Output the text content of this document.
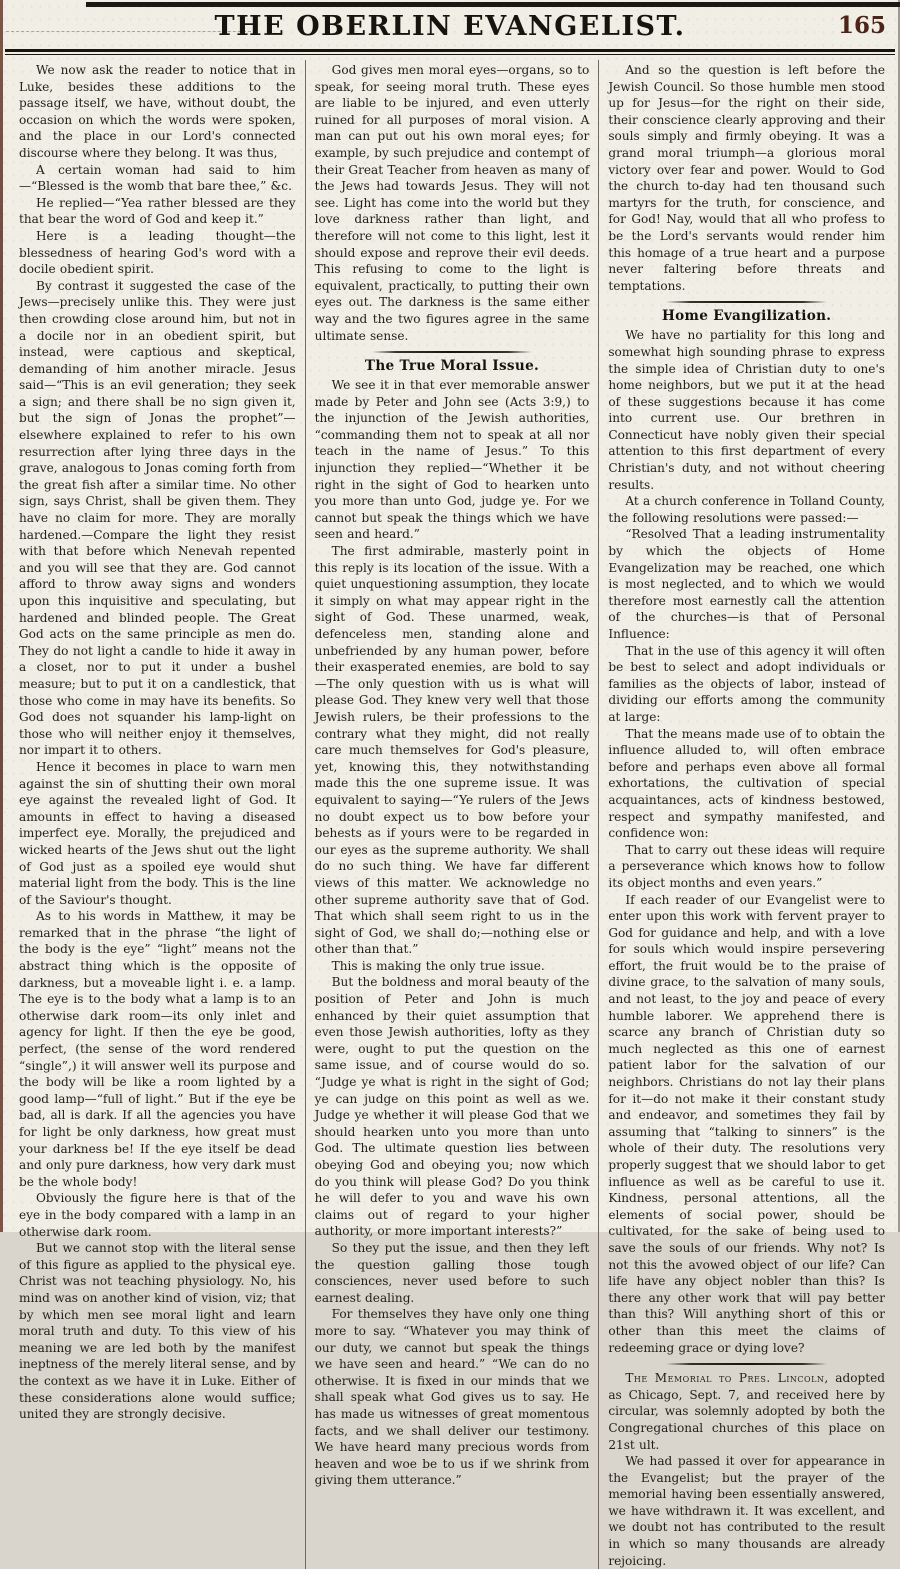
THE OBERLIN EVANGELIST.	165

We now ask the reader to notice that in Luke, besides these additions to the passage itself, we have, without doubt, the occasion on which the words were spoken, and the place in our Lord's connected discourse where they belong. It was thus,

A certain woman had said to him—“Blessed is the womb that bare thee,” &c.

He replied—“Yea rather blessed are they that bear the word of God and keep it.”

Here is a leading thought—the blessedness of hearing God's word with a docile obedient spirit.

By contrast it suggested the case of the Jews—precisely unlike this. They were just then crowding close around him, but not in a docile nor in an obedient spirit, but instead, were captious and skeptical, demanding of him another miracle. Jesus said—“This is an evil generation; they seek a sign; and there shall be no sign given it, but the sign of Jonas the prophet”—elsewhere explained to refer to his own resurrection after lying three days in the grave, analogous to Jonas coming forth from the great fish after a similar time. No other sign, says Christ, shall be given them. They have no claim for more. They are morally hardened.—Compare the light they resist with that before which Nenevah repented and you will see that they are. God cannot afford to throw away signs and wonders upon this inquisitive and speculating, but hardened and blinded people. The Great God acts on the same principle as men do. They do not light a candle to hide it away in a closet, nor to put it under a bushel measure; but to put it on a candlestick, that those who come in may have its benefits. So God does not squander his lamp-light on those who will neither enjoy it themselves, nor impart it to others.

Hence it becomes in place to warn men against the sin of shutting their own moral eye against the revealed light of God. It amounts in effect to having a diseased imperfect eye. Morally, the prejudiced and wicked hearts of the Jews shut out the light of God just as a spoiled eye would shut material light from the body. This is the line of the Saviour's thought.

As to his words in Matthew, it may be remarked that in the phrase “the light of the body is the eye” “light” means not the abstract thing which is the opposite of darkness, but a moveable light i. e. a lamp. The eye is to the body what a lamp is to an otherwise dark room—its only inlet and agency for light. If then the eye be good, perfect, (the sense of the word rendered “single”,) it will answer well its purpose and the body will be like a room lighted by a good lamp—“full of light.” But if the eye be bad, all is dark. If all the agencies you have for light be only darkness, how great must your darkness be! If the eye itself be dead and only pure darkness, how very dark must be the whole body!

Obviously the figure here is that of the eye in the body compared with a lamp in an otherwise dark room.

But we cannot stop with the literal sense of this figure as applied to the physical eye. Christ was not teaching physiology. No, his mind was on another kind of vision, viz; that by which men see moral light and learn moral truth and duty. To this view of his meaning we are led both by the manifest ineptness of the merely literal sense, and by the context as we have it in Luke. Either of these considerations alone would suffice; united they are strongly decisive.

God gives men moral eyes—organs, so to speak, for seeing moral truth. These eyes are liable to be injured, and even utterly ruined for all purposes of moral vision. A man can put out his own moral eyes; for example, by such prejudice and contempt of their Great Teacher from heaven as many of the Jews had towards Jesus. They will not see. Light has come into the world but they love darkness rather than light, and therefore will not come to this light, lest it should expose and reprove their evil deeds. This refusing to come to the light is equivalent, practically, to putting their own eyes out. The darkness is the same either way and the two figures agree in the same ultimate sense.

The True Moral Issue.

We see it in that ever memorable answer made by Peter and John see (Acts 3:9,) to the injunction of the Jewish authorities, “commanding them not to speak at all nor teach in the name of Jesus.” To this injunction they replied—“Whether it be right in the sight of God to hearken unto you more than unto God, judge ye. For we cannot but speak the things which we have seen and heard.”

The first admirable, masterly point in this reply is its location of the issue. With a quiet unquestioning assumption, they locate it simply on what may appear right in the sight of God. These unarmed, weak, defenceless men, standing alone and unbefriended by any human power, before their exasperated enemies, are bold to say—The only question with us is what will please God. They knew very well that those Jewish rulers, be their professions to the contrary what they might, did not really care much themselves for God's pleasure, yet, knowing this, they notwithstanding made this the one supreme issue. It was equivalent to saying—“Ye rulers of the Jews no doubt expect us to bow before your behests as if yours were to be regarded in our eyes as the supreme authority. We shall do no such thing. We have far different views of this matter. We acknowledge no other supreme authority save that of God. That which shall seem right to us in the sight of God, we shall do;—nothing else or other than that.”

This is making the only true issue.

But the boldness and moral beauty of the position of Peter and John is much enhanced by their quiet assumption that even those Jewish authorities, lofty as they were, ought to put the question on the same issue, and of course would do so. “Judge ye what is right in the sight of God; ye can judge on this point as well as we. Judge ye whether it will please God that we should hearken unto you more than unto God. The ultimate question lies between obeying God and obeying you; now which do you think will please God? Do you think he will defer to you and wave his own claims out of regard to your higher authority, or more important interests?”

So they put the issue, and then they left the question galling those tough consciences, never used before to such earnest dealing.

For themselves they have only one thing more to say. “Whatever you may think of our duty, we cannot but speak the things we have seen and heard.” “We can do no otherwise. It is fixed in our minds that we shall speak what God gives us to say. He has made us witnesses of great momentous facts, and we shall deliver our testimony. We have heard many precious words from heaven and woe be to us if we shrink from giving them utterance.”

And so the question is left before the Jewish Council. So those humble men stood up for Jesus—for the right on their side, their conscience clearly approving and their souls simply and firmly obeying. It was a grand moral triumph—a glorious moral victory over fear and power. Would to God the church to-day had ten thousand such martyrs for the truth, for conscience, and for God! Nay, would that all who profess to be the Lord's servants would render him this homage of a true heart and a purpose never faltering before threats and temptations.

Home Evangilization.

We have no partiality for this long and somewhat high sounding phrase to express the simple idea of Christian duty to one's home neighbors, but we put it at the head of these suggestions because it has come into current use. Our brethren in Connecticut have nobly given their special attention to this first department of every Christian's duty, and not without cheering results.

At a church conference in Tolland County, the following resolutions were passed:—

“Resolved That a leading instrumentality by which the objects of Home Evangelization may be reached, one which is most neglected, and to which we would therefore most earnestly call the attention of the churches—is that of Personal Influence:

That in the use of this agency it will often be best to select and adopt individuals or families as the objects of labor, instead of dividing our efforts among the community at large:

That the means made use of to obtain the influence alluded to, will often embrace before and perhaps even above all formal exhortations, the cultivation of special acquaintances, acts of kindness bestowed, respect and sympathy manifested, and confidence won:

That to carry out these ideas will require a perseverance which knows how to follow its object months and even years.”

If each reader of our Evangelist were to enter upon this work with fervent prayer to God for guidance and help, and with a love for souls which would inspire persevering effort, the fruit would be to the praise of divine grace, to the salvation of many souls, and not least, to the joy and peace of every humble laborer. We apprehend there is scarce any branch of Christian duty so much neglected as this one of earnest patient labor for the salvation of our neighbors. Christians do not lay their plans for it—do not make it their constant study and endeavor, and sometimes they fail by assuming that “talking to sinners” is the whole of their duty. The resolutions very properly suggest that we should labor to get influence as well as be careful to use it. Kindness, personal attentions, all the elements of social power, should be cultivated, for the sake of being used to save the souls of our friends. Why not? Is not this the avowed object of our life? Can life have any object nobler than this? Is there any other work that will pay better than this? Will anything short of this or other than this meet the claims of redeeming grace or dying love?

The Memorial to Pres. Lincoln, adopted as Chicago, Sept. 7, and received here by circular, was solemnly adopted by both the Congregational churches of this place on 21st ult.

We had passed it over for appearance in the Evangelist; but the prayer of the memorial having been essentially answered, we have withdrawn it. It was excellent, and we doubt not has contributed to the result in which so many thousands are already rejoicing.
